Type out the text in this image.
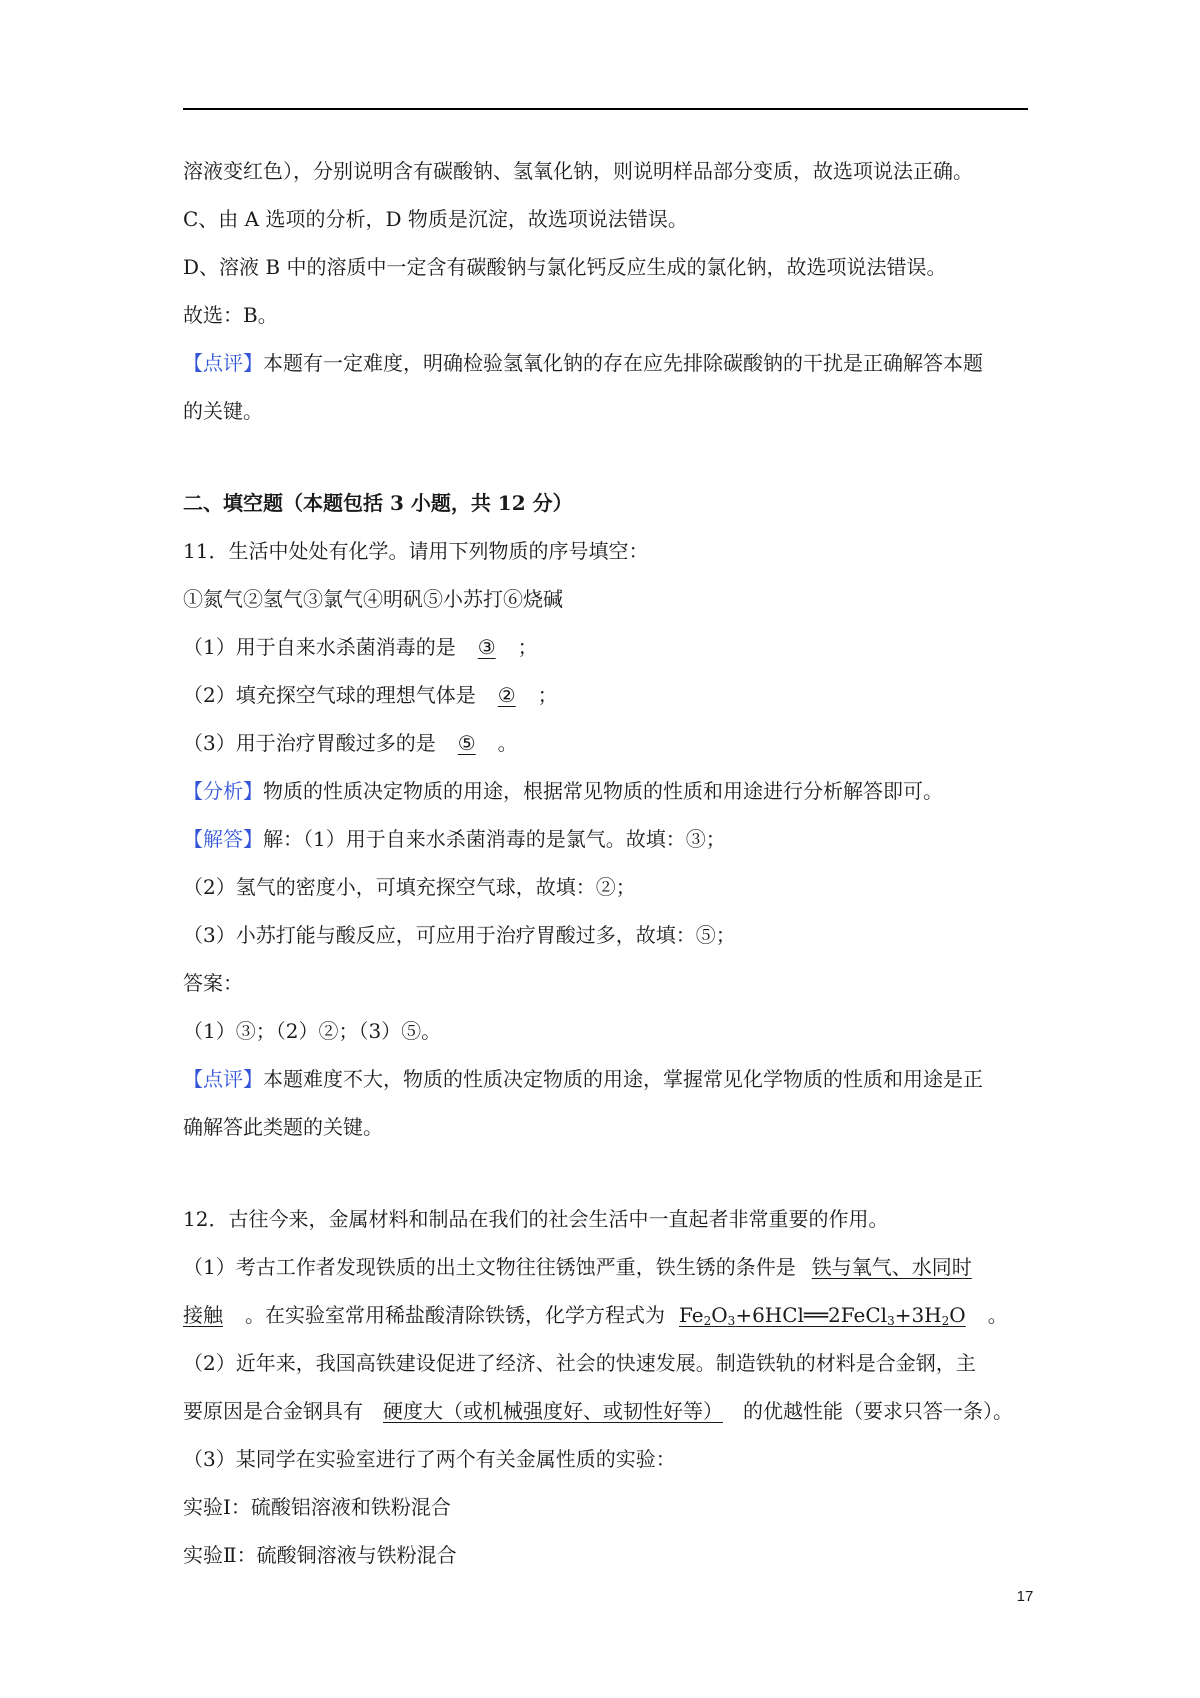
溶液变红色），分别说明含有碳酸钠、氢氧化钠，则说明样品部分变质，故选项说法正确。
C、由 A 选项的分析，D 物质是沉淀，故选项说法错误。
D、溶液 B 中的溶质中一定含有碳酸钠与氯化钙反应生成的氯化钠，故选项说法错误。
故选：B。
【点评】本题有一定难度，明确检验氢氧化钠的存在应先排除碳酸钠的干扰是正确解答本题
的关键。
二、填空题（本题包括 3 小题，共 12 分）
11．生活中处处有化学。请用下列物质的序号填空：
①氮气②氢气③氯气④明矾⑤小苏打⑥烧碱
（1）用于自来水杀菌消毒的是 ③ ；
（2）填充探空气球的理想气体是 ② ；
（3）用于治疗胃酸过多的是 ⑤ 。
【分析】物质的性质决定物质的用途，根据常见物质的性质和用途进行分析解答即可。
【解答】解：（1）用于自来水杀菌消毒的是氯气。故填：③；
（2）氢气的密度小，可填充探空气球，故填：②；
（3）小苏打能与酸反应，可应用于治疗胃酸过多，故填：⑤；
答案：
（1）③；（2）②；（3）⑤。
【点评】本题难度不大，物质的性质决定物质的用途，掌握常见化学物质的性质和用途是正
确解答此类题的关键。
12．古往今来，金属材料和制品在我们的社会生活中一直起者非常重要的作用。
（1）考古工作者发现铁质的出土文物往往锈蚀严重，铁生锈的条件是 铁与氧气、水同时
接触 。在实验室常用稀盐酸清除铁锈，化学方程式为 $Fe_2O_3+6HCl══2FeCl_3+3H_2O$ 。
（2）近年来，我国高铁建设促进了经济、社会的快速发展。制造铁轨的材料是合金钢，主
要原因是合金钢具有 硬度大（或机械强度好、或韧性好等） 的优越性能（要求只答一条）。
（3）某同学在实验室进行了两个有关金属性质的实验：
实验Ⅰ：硫酸铝溶液和铁粉混合
实验Ⅱ：硫酸铜溶液与铁粉混合
17
